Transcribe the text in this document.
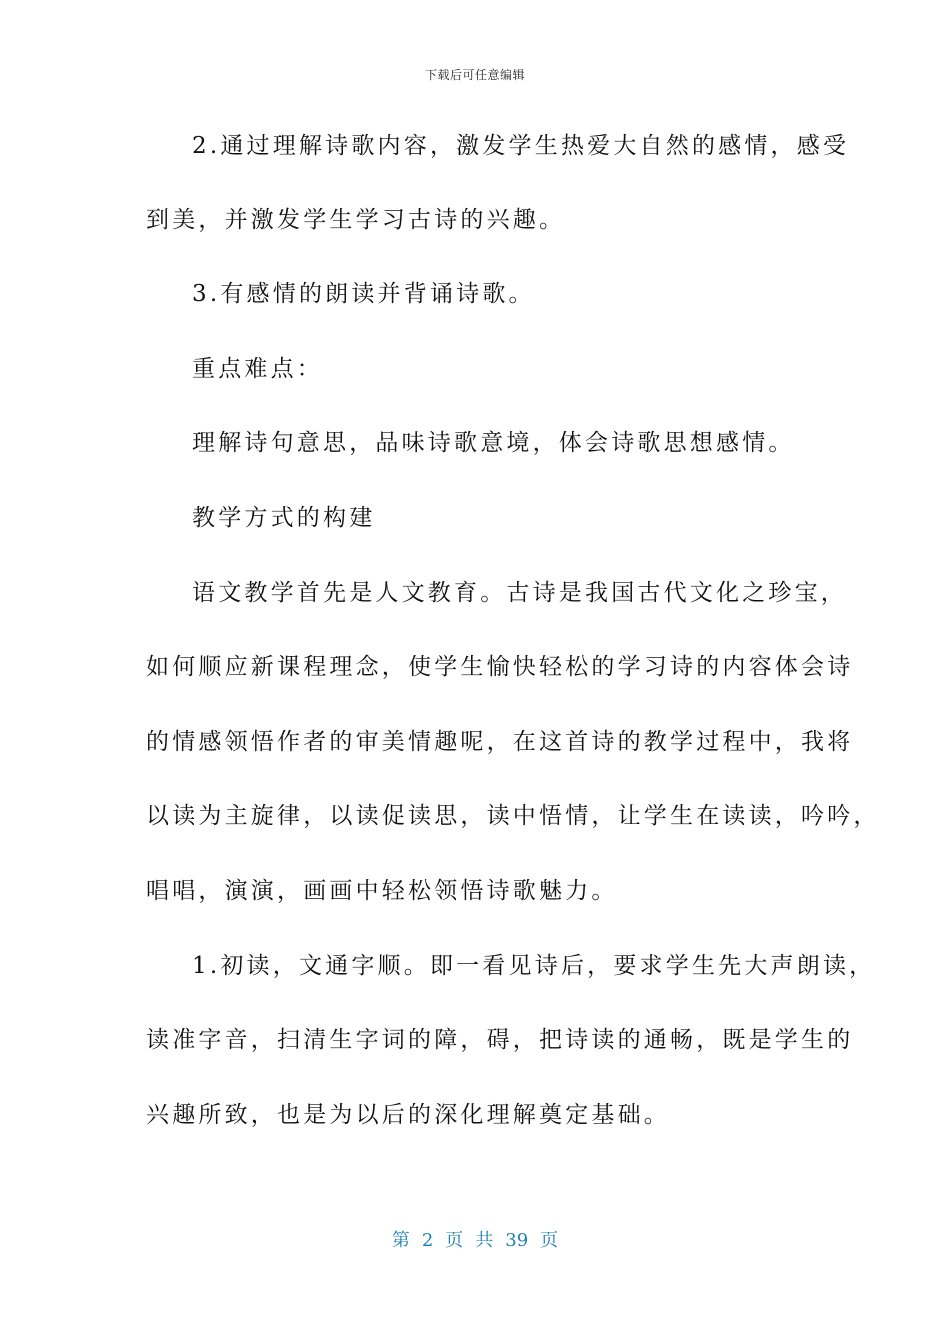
下载后可任意编辑
2.通过理解诗歌内容，激发学生热爱大自然的感情，感受
到美，并激发学生学习古诗的兴趣。
3.有感情的朗读并背诵诗歌。
重点难点：
理解诗句意思，品味诗歌意境，体会诗歌思想感情。
教学方式的构建
语文教学首先是人文教育。古诗是我国古代文化之珍宝，
如何顺应新课程理念，使学生愉快轻松的学习诗的内容体会诗
的情感领悟作者的审美情趣呢，在这首诗的教学过程中，我将
以读为主旋律，以读促读思，读中悟情，让学生在读读，吟吟，
唱唱，演演，画画中轻松领悟诗歌魅力。
1.初读，文通字顺。即一看见诗后，要求学生先大声朗读，
读准字音，扫清生字词的障，碍，把诗读的通畅，既是学生的
兴趣所致，也是为以后的深化理解奠定基础。
第 2 页 共 39 页
